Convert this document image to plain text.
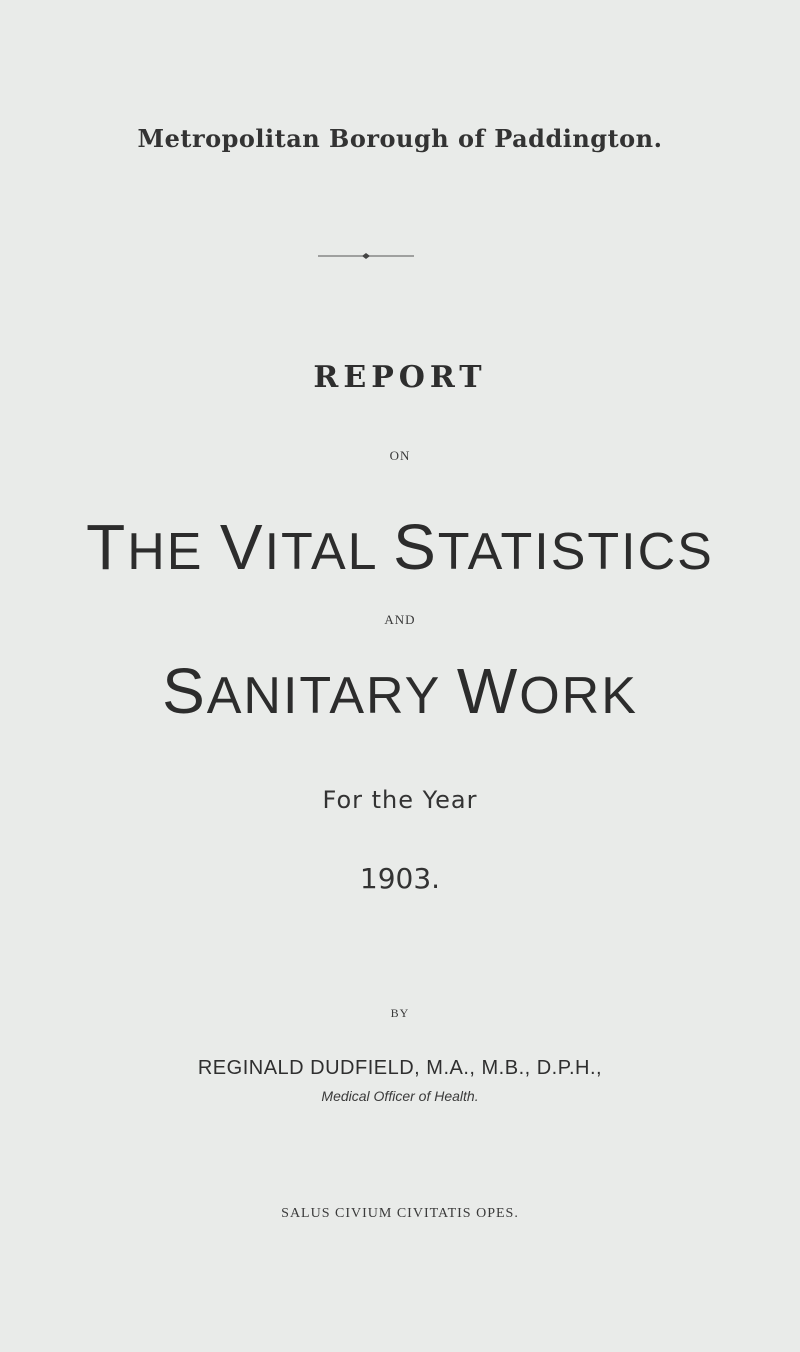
Metropolitan Borough of Paddington.
REPORT
ON
THE VITAL STATISTICS
AND
SANITARY WORK
For the Year
1903.
BY
REGINALD DUDFIELD, M.A., M.B., D.P.H.,
Medical Officer of Health.
SALUS CIVIUM CIVITATIS OPES.
